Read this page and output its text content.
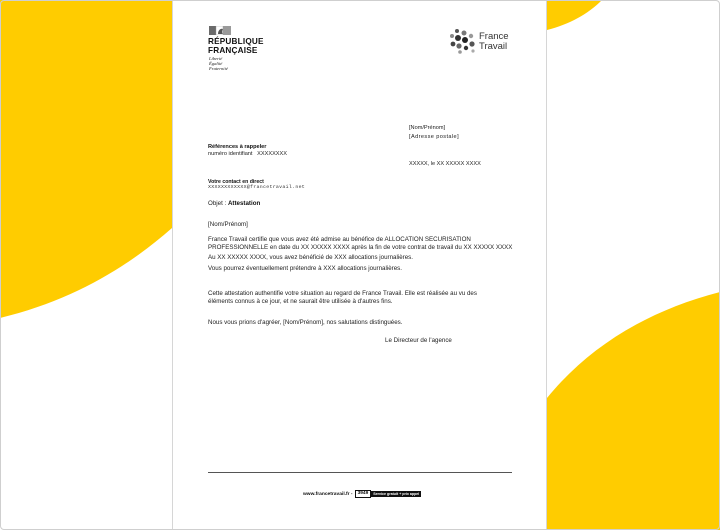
RÉPUBLIQUE
FRANÇAISE
Liberté
Égalité
Fraternité
France
Travail
[Nom/Prénom]
[Adresse postale]
Références à rappeler
numéro identifiant XXXXXXXX
XXXXX, le XX XXXXX XXXX
Votre contact en direct
XXXXXXXXXXXX@francetravail.net
Objet : Attestation
[Nom/Prénom]
France Travail certifie que vous avez été admise au bénéfice de ALLOCATION SECURISATION
PROFESSIONNELLE en date du XX XXXXX XXXX après la fin de votre contrat de travail du XX XXXXX XXXX
Au XX XXXXX XXXX, vous avez bénéficié de XXX allocations journalières.
Vous pourrez éventuellement prétendre à XXX allocations journalières.
Cette attestation authentifie votre situation au regard de France Travail. Elle est réalisée au vu des
éléments connus à ce jour, et ne saurait être utilisée à d'autres fins.
Nous vous prions d'agréer, [Nom/Prénom], nos salutations distinguées.
Le Directeur de l'agence
www.francetravail.fr -	3949	Service gratuit + prix appel
